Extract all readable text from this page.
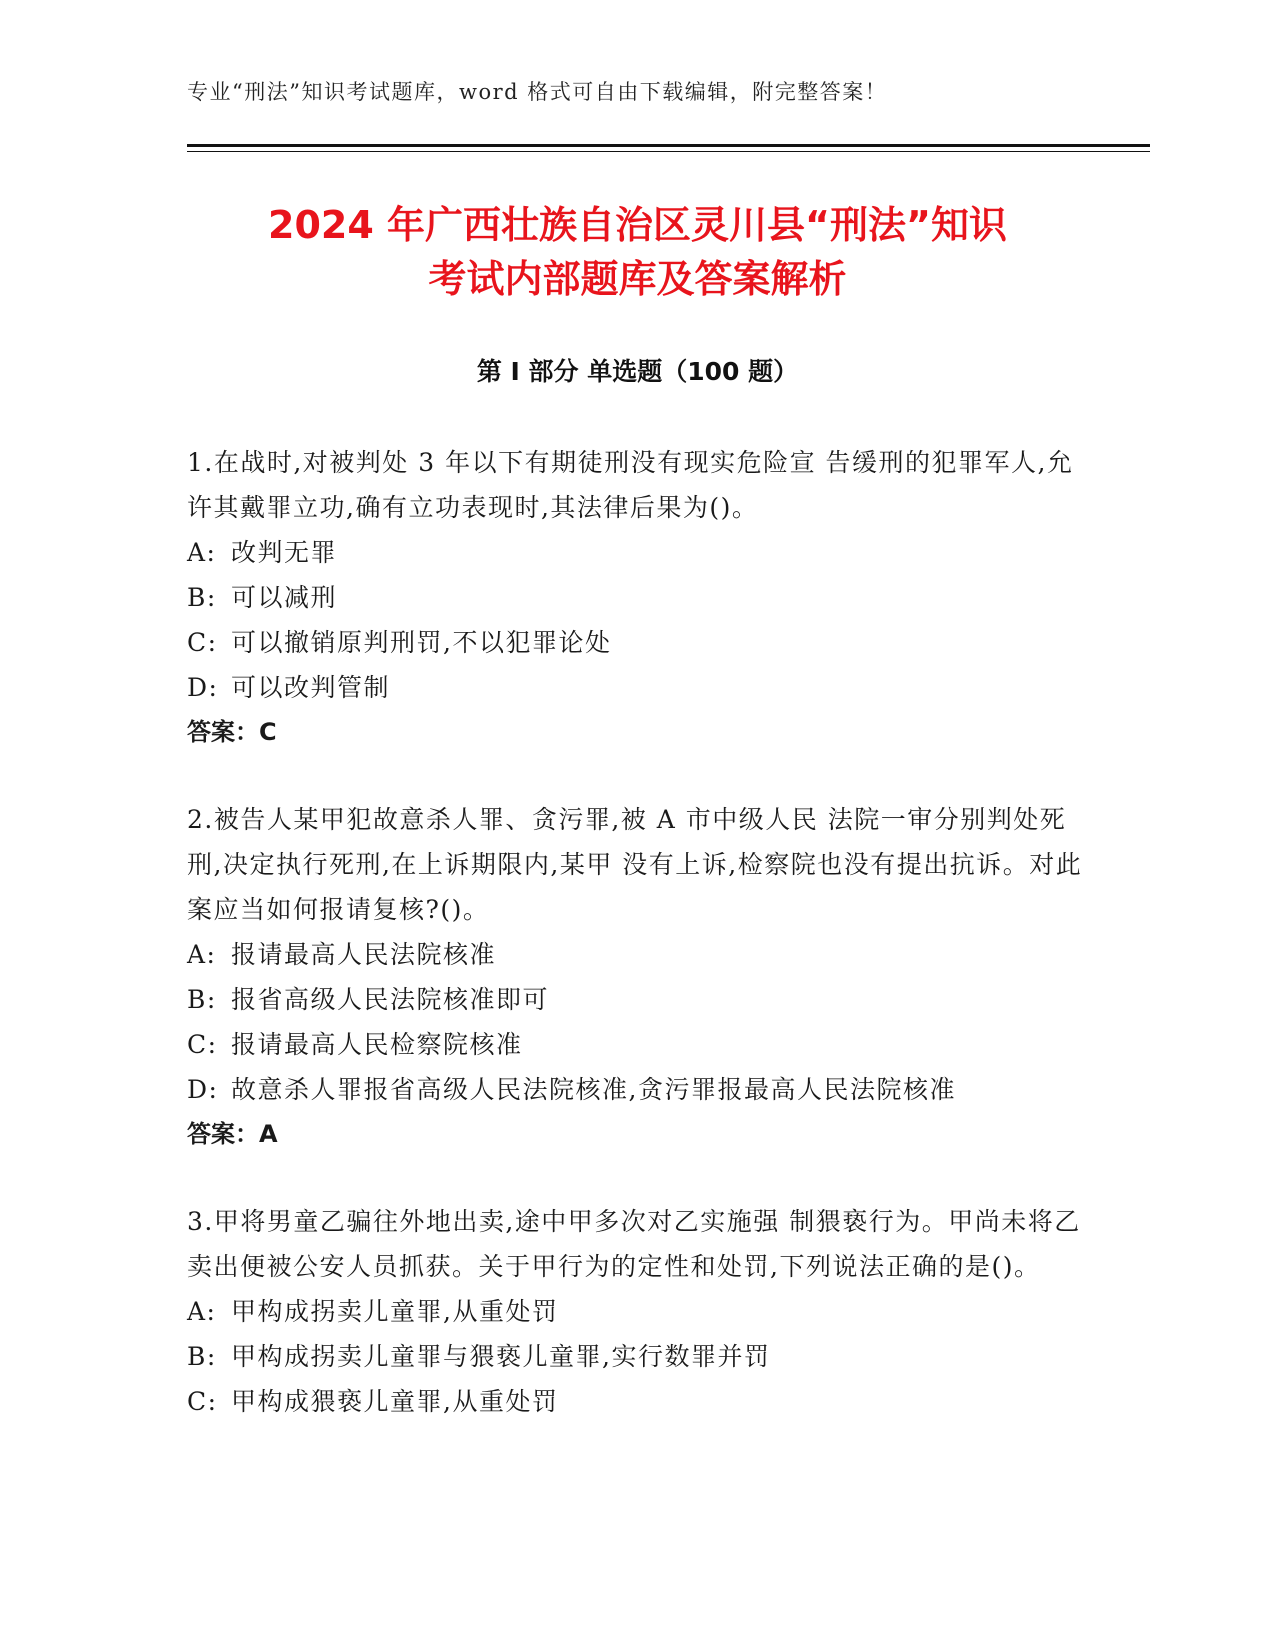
专业“刑法”知识考试题库，word 格式可自由下载编辑，附完整答案！
2024 年广西壮族自治区灵川县“刑法”知识
考试内部题库及答案解析
第 I 部分 单选题（100 题）
1.在战时,对被判处 3 年以下有期徒刑没有现实危险宣 告缓刑的犯罪军人,允许其戴罪立功,确有立功表现时,其法律后果为()。
A: 改判无罪
B: 可以减刑
C: 可以撤销原判刑罚,不以犯罪论处
D: 可以改判管制
答案：C
2.被告人某甲犯故意杀人罪、贪污罪,被 A 市中级人民 法院一审分别判处死刑,决定执行死刑,在上诉期限内,某甲 没有上诉,检察院也没有提出抗诉。对此案应当如何报请复核?()。
A: 报请最高人民法院核准
B: 报省高级人民法院核准即可
C: 报请最高人民检察院核准
D: 故意杀人罪报省高级人民法院核准,贪污罪报最高人民法院核准
答案：A
3.甲将男童乙骗往外地出卖,途中甲多次对乙实施强 制猥亵行为。甲尚未将乙卖出便被公安人员抓获。关于甲行为的定性和处罚,下列说法正确的是()。
A: 甲构成拐卖儿童罪,从重处罚
B: 甲构成拐卖儿童罪与猥亵儿童罪,实行数罪并罚
C: 甲构成猥亵儿童罪,从重处罚
